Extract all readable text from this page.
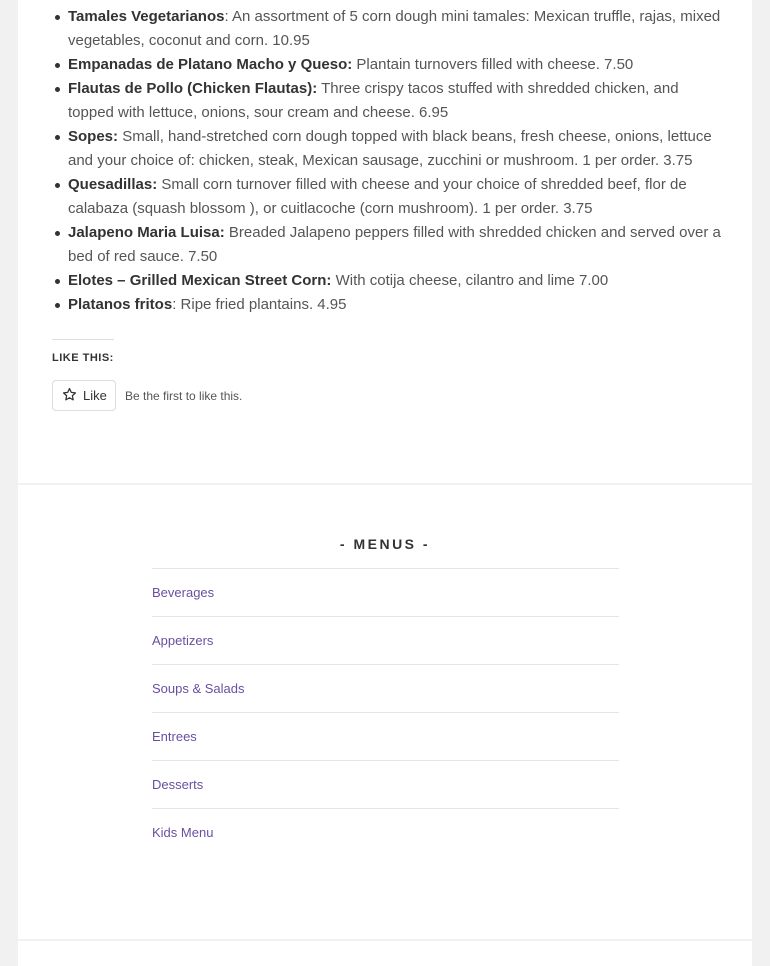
Tamales Vegetarianos: An assortment of 5 corn dough mini tamales: Mexican truffle, rajas, mixed vegetables, coconut and corn. 10.95
Empanadas de Platano Macho y Queso: Plantain turnovers filled with cheese. 7.50
Flautas de Pollo (Chicken Flautas): Three crispy tacos stuffed with shredded chicken, and topped with lettuce, onions, sour cream and cheese. 6.95
Sopes: Small, hand-stretched corn dough topped with black beans, fresh cheese, onions, lettuce and your choice of: chicken, steak, Mexican sausage, zucchini or mushroom. 1 per order. 3.75
Quesadillas: Small corn turnover filled with cheese and your choice of shredded beef, flor de calabaza (squash blossom ), or cuitlacoche (corn mushroom). 1 per order. 3.75
Jalapeno Maria Luisa: Breaded Jalapeno peppers filled with shredded chicken and served over a bed of red sauce. 7.50
Elotes – Grilled Mexican Street Corn: With cotija cheese, cilantro and lime 7.00
Platanos fritos: Ripe fried plantains. 4.95
LIKE THIS:
Like Be the first to like this.
- MENUS -
Beverages
Appetizers
Soups & Salads
Entrees
Desserts
Kids Menu
